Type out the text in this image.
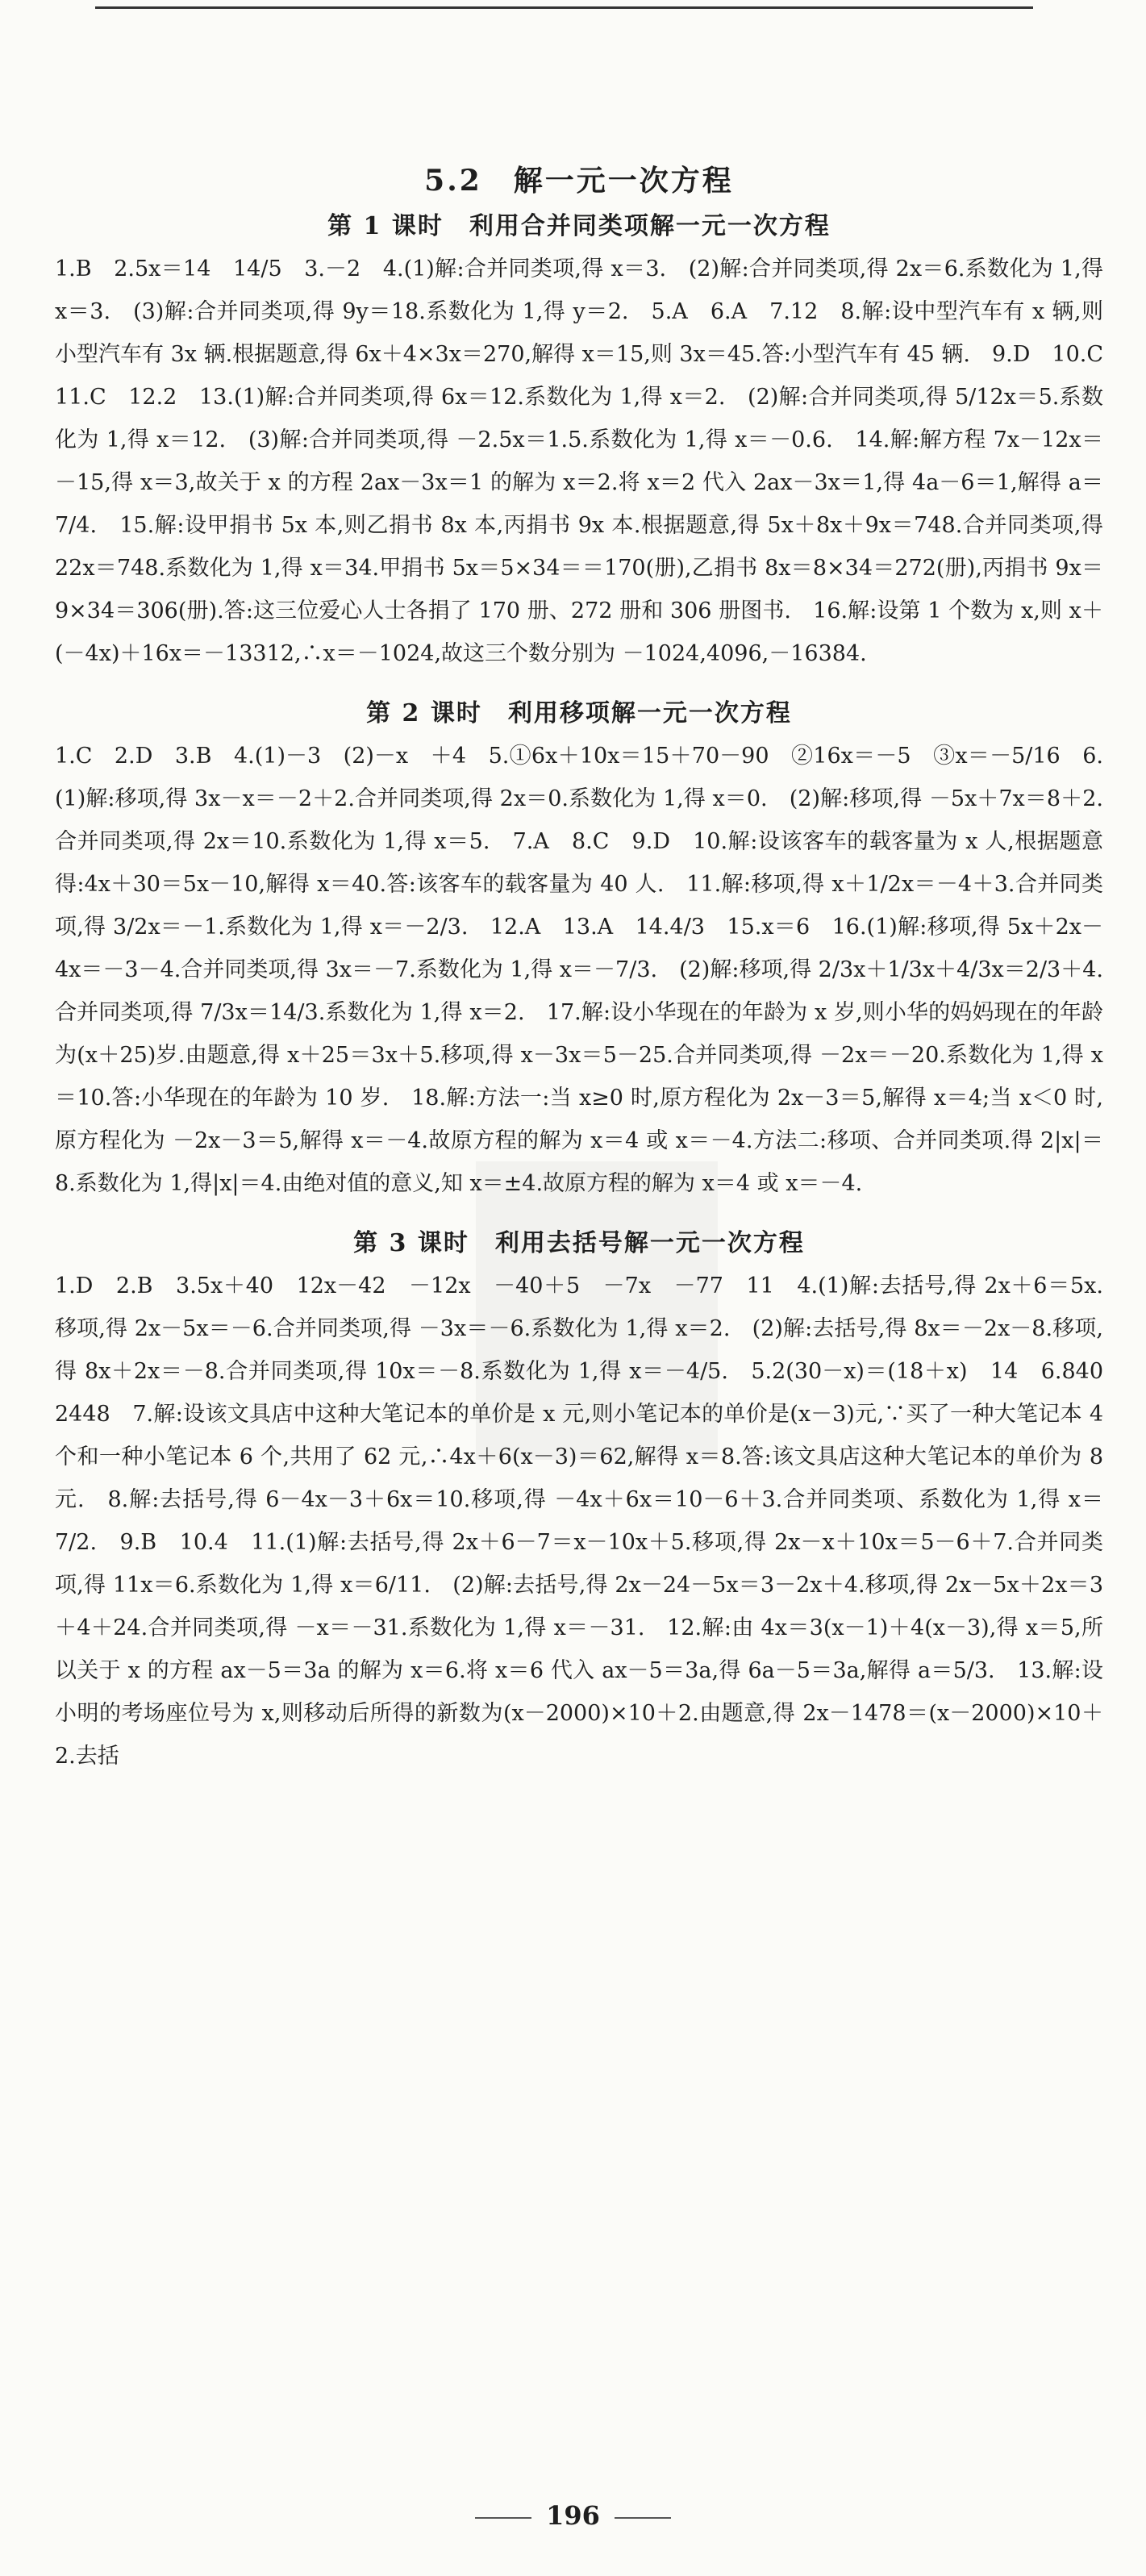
5.2　解一元一次方程
第 1 课时　利用合并同类项解一元一次方程

1.B　2.5x＝14　14/5　3.－2　4.(1)解:合并同类项,得 x＝3.　(2)解:合并同类项,得 2x＝6.系数化为 1,得 x＝3.　(3)解:合并同类项,得 9y＝18.系数化为 1,得 y＝2.　5.A　6.A　7.12　8.解:设中型汽车有 x 辆,则小型汽车有 3x 辆.根据题意,得 6x＋4×3x＝270,解得 x＝15,则 3x＝45.答:小型汽车有 45 辆.　9.D　10.C　11.C　12.2　13.(1)解:合并同类项,得 6x＝12.系数化为 1,得 x＝2.　(2)解:合并同类项,得 5/12x＝5.系数化为 1,得 x＝12.　(3)解:合并同类项,得 －2.5x＝1.5.系数化为 1,得 x＝－0.6.　14.解:解方程 7x－12x＝－15,得 x＝3,故关于 x 的方程 2ax－3x＝1 的解为 x＝2.将 x＝2 代入 2ax－3x＝1,得 4a－6＝1,解得 a＝7/4.　15.解:设甲捐书 5x 本,则乙捐书 8x 本,丙捐书 9x 本.根据题意,得 5x＋8x＋9x＝748.合并同类项,得 22x＝748.系数化为 1,得 x＝34.甲捐书 5x＝5×34＝＝170(册),乙捐书 8x＝8×34＝272(册),丙捐书 9x＝9×34＝306(册).答:这三位爱心人士各捐了 170 册、272 册和 306 册图书.　16.解:设第 1 个数为 x,则 x＋(－4x)＋16x＝－13312,∴x＝－1024,故这三个数分别为 －1024,4096,－16384.

第 2 课时　利用移项解一元一次方程

1.C　2.D　3.B　4.(1)－3　(2)－x　＋4　5.①6x＋10x＝15＋70－90　②16x＝－5　③x＝－5/16　6.(1)解:移项,得 3x－x＝－2＋2.合并同类项,得 2x＝0.系数化为 1,得 x＝0.　(2)解:移项,得 －5x＋7x＝8＋2.合并同类项,得 2x＝10.系数化为 1,得 x＝5.　7.A　8.C　9.D　10.解:设该客车的载客量为 x 人,根据题意得:4x＋30＝5x－10,解得 x＝40.答:该客车的载客量为 40 人.　11.解:移项,得 x＋1/2x＝－4＋3.合并同类项,得 3/2x＝－1.系数化为 1,得 x＝－2/3.　12.A　13.A　14.4/3　15.x＝6　16.(1)解:移项,得 5x＋2x－4x＝－3－4.合并同类项,得 3x＝－7.系数化为 1,得 x＝－7/3.　(2)解:移项,得 2/3x＋1/3x＋4/3x＝2/3＋4.合并同类项,得 7/3x＝14/3.系数化为 1,得 x＝2.　17.解:设小华现在的年龄为 x 岁,则小华的妈妈现在的年龄为(x＋25)岁.由题意,得 x＋25＝3x＋5.移项,得 x－3x＝5－25.合并同类项,得 －2x＝－20.系数化为 1,得 x＝10.答:小华现在的年龄为 10 岁.　18.解:方法一:当 x≥0 时,原方程化为 2x－3＝5,解得 x＝4;当 x＜0 时,原方程化为 －2x－3＝5,解得 x＝－4.故原方程的解为 x＝4 或 x＝－4.方法二:移项、合并同类项.得 2|x|＝8.系数化为 1,得|x|＝4.由绝对值的意义,知 x＝±4.故原方程的解为 x＝4 或 x＝－4.

第 3 课时　利用去括号解一元一次方程

1.D　2.B　3.5x＋40　12x－42　－12x　－40＋5　－7x　－77　11　4.(1)解:去括号,得 2x＋6＝5x.移项,得 2x－5x＝－6.合并同类项,得 －3x＝－6.系数化为 1,得 x＝2.　(2)解:去括号,得 8x＝－2x－8.移项,得 8x＋2x＝－8.合并同类项,得 10x＝－8.系数化为 1,得 x＝－4/5.　5.2(30－x)＝(18＋x)　14　6.840　2448　7.解:设该文具店中这种大笔记本的单价是 x 元,则小笔记本的单价是(x－3)元,∵买了一种大笔记本 4 个和一种小笔记本 6 个,共用了 62 元,∴4x＋6(x－3)＝62,解得 x＝8.答:该文具店这种大笔记本的单价为 8 元.　8.解:去括号,得 6－4x－3＋6x＝10.移项,得 －4x＋6x＝10－6＋3.合并同类项、系数化为 1,得 x＝7/2.　9.B　10.4　11.(1)解:去括号,得 2x＋6－7＝x－10x＋5.移项,得 2x－x＋10x＝5－6＋7.合并同类项,得 11x＝6.系数化为 1,得 x＝6/11.　(2)解:去括号,得 2x－24－5x＝3－2x＋4.移项,得 2x－5x＋2x＝3＋4＋24.合并同类项,得 －x＝－31.系数化为 1,得 x＝－31.　12.解:由 4x＝3(x－1)＋4(x－3),得 x＝5,所以关于 x 的方程 ax－5＝3a 的解为 x＝6.将 x＝6 代入 ax－5＝3a,得 6a－5＝3a,解得 a＝5/3.　13.解:设小明的考场座位号为 x,则移动后所得的新数为(x－2000)×10＋2.由题意,得 2x－1478＝(x－2000)×10＋2.去括

196
